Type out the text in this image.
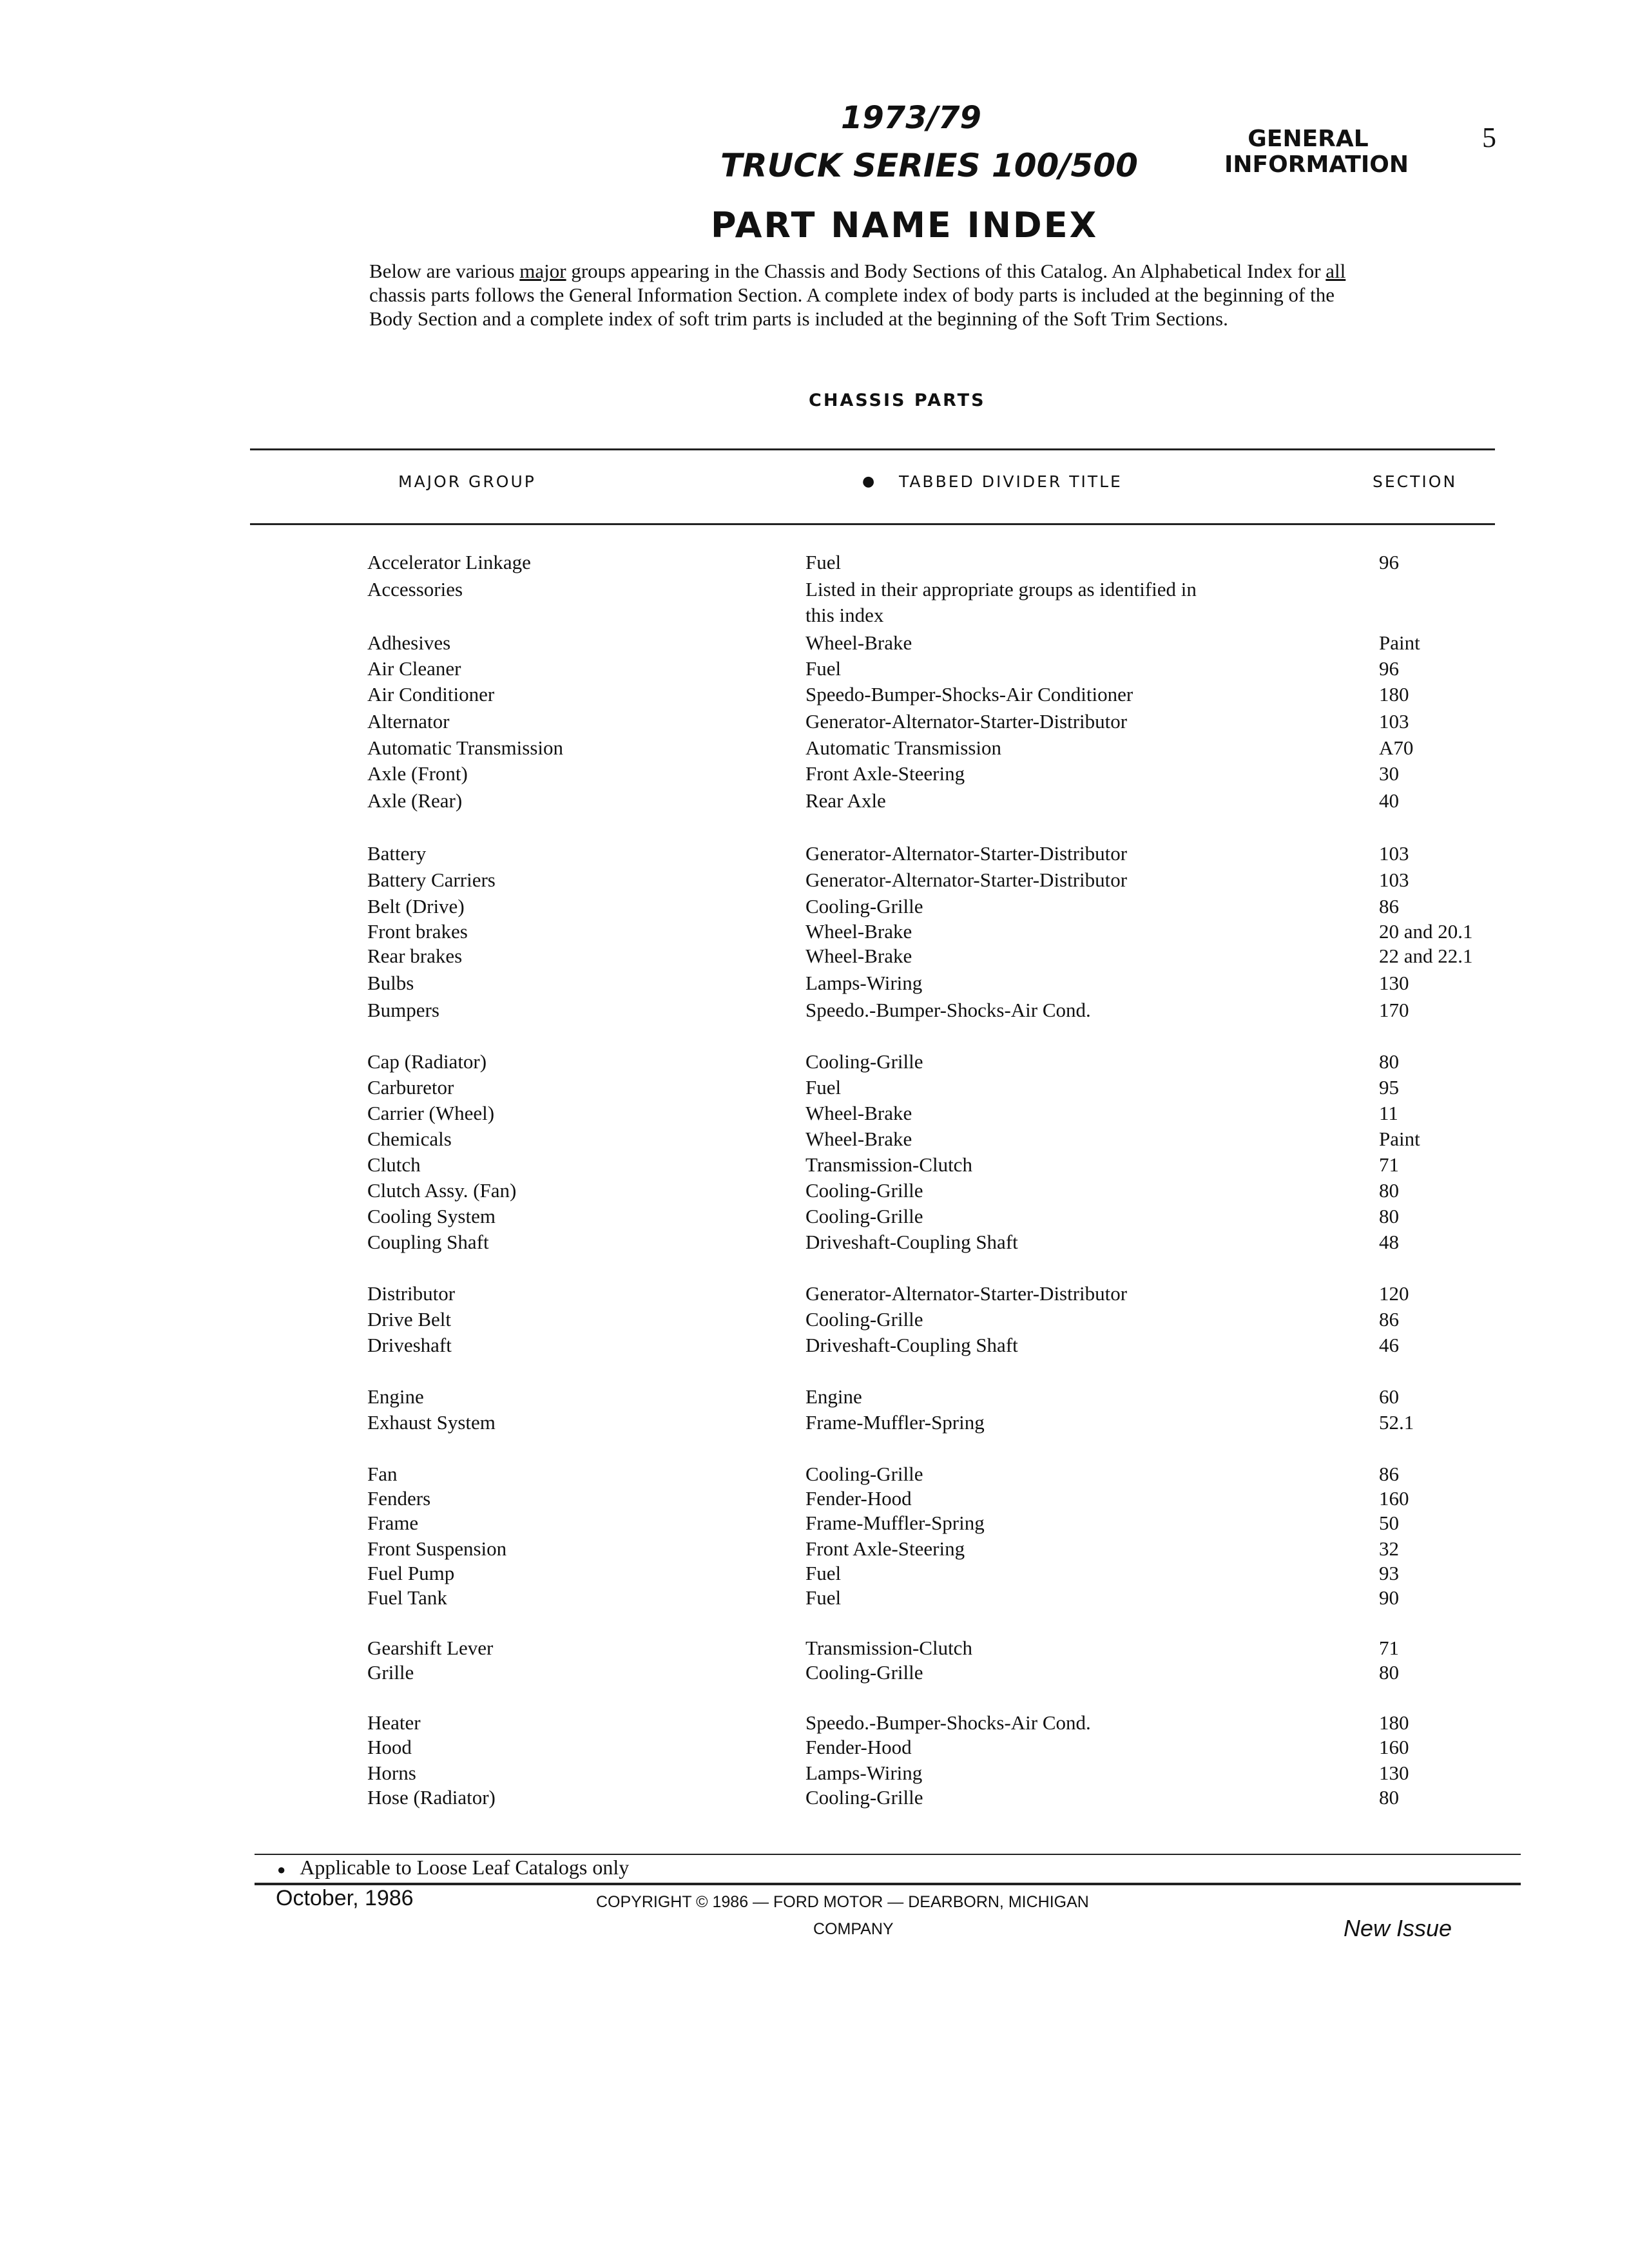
1973/79
TRUCK SERIES 100/500
GENERAL
INFORMATION
5
PART NAME INDEX
Below are various major groups appearing in the Chassis and Body Sections of this Catalog. An Alphabetical Index for all chassis parts follows the General Information Section. A complete index of body parts is included at the beginning of the Body Section and a complete index of soft trim parts is included at the beginning of the Soft Trim Sections.
CHASSIS PARTS
MAJOR GROUP	● TABBED DIVIDER TITLE	SECTION
Accelerator Linkage	Fuel	96
Accessories	Listed in their appropriate groups as identified in
this index
Adhesives	Wheel-Brake	Paint
Air Cleaner	Fuel	96
Air Conditioner	Speedo-Bumper-Shocks-Air Conditioner	180
Alternator	Generator-Alternator-Starter-Distributor	103
Automatic Transmission	Automatic Transmission	A70
Axle (Front)	Front Axle-Steering	30
Axle (Rear)	Rear Axle	40
Battery	Generator-Alternator-Starter-Distributor	103
Battery Carriers	Generator-Alternator-Starter-Distributor	103
Belt (Drive)	Cooling-Grille	86
Front brakes	Wheel-Brake	20 and 20.1
Rear brakes	Wheel-Brake	22 and 22.1
Bulbs	Lamps-Wiring	130
Bumpers	Speedo.-Bumper-Shocks-Air Cond.	170
Cap (Radiator)	Cooling-Grille	80
Carburetor	Fuel	95
Carrier (Wheel)	Wheel-Brake	11
Chemicals	Wheel-Brake	Paint
Clutch	Transmission-Clutch	71
Clutch Assy. (Fan)	Cooling-Grille	80
Cooling System	Cooling-Grille	80
Coupling Shaft	Driveshaft-Coupling Shaft	48
Distributor	Generator-Alternator-Starter-Distributor	120
Drive Belt	Cooling-Grille	86
Driveshaft	Driveshaft-Coupling Shaft	46
Engine	Engine	60
Exhaust System	Frame-Muffler-Spring	52.1
Fan	Cooling-Grille	86
Fenders	Fender-Hood	160
Frame	Frame-Muffler-Spring	50
Front Suspension	Front Axle-Steering	32
Fuel Pump	Fuel	93
Fuel Tank	Fuel	90
Gearshift Lever	Transmission-Clutch	71
Grille	Cooling-Grille	80
Heater	Speedo.-Bumper-Shocks-Air Cond.	180
Hood	Fender-Hood	160
Horns	Lamps-Wiring	130
Hose (Radiator)	Cooling-Grille	80
● Applicable to Loose Leaf Catalogs only
October, 1986	COPYRIGHT © 1986 — FORD MOTOR — DEARBORN, MICHIGAN
COMPANY	New Issue
